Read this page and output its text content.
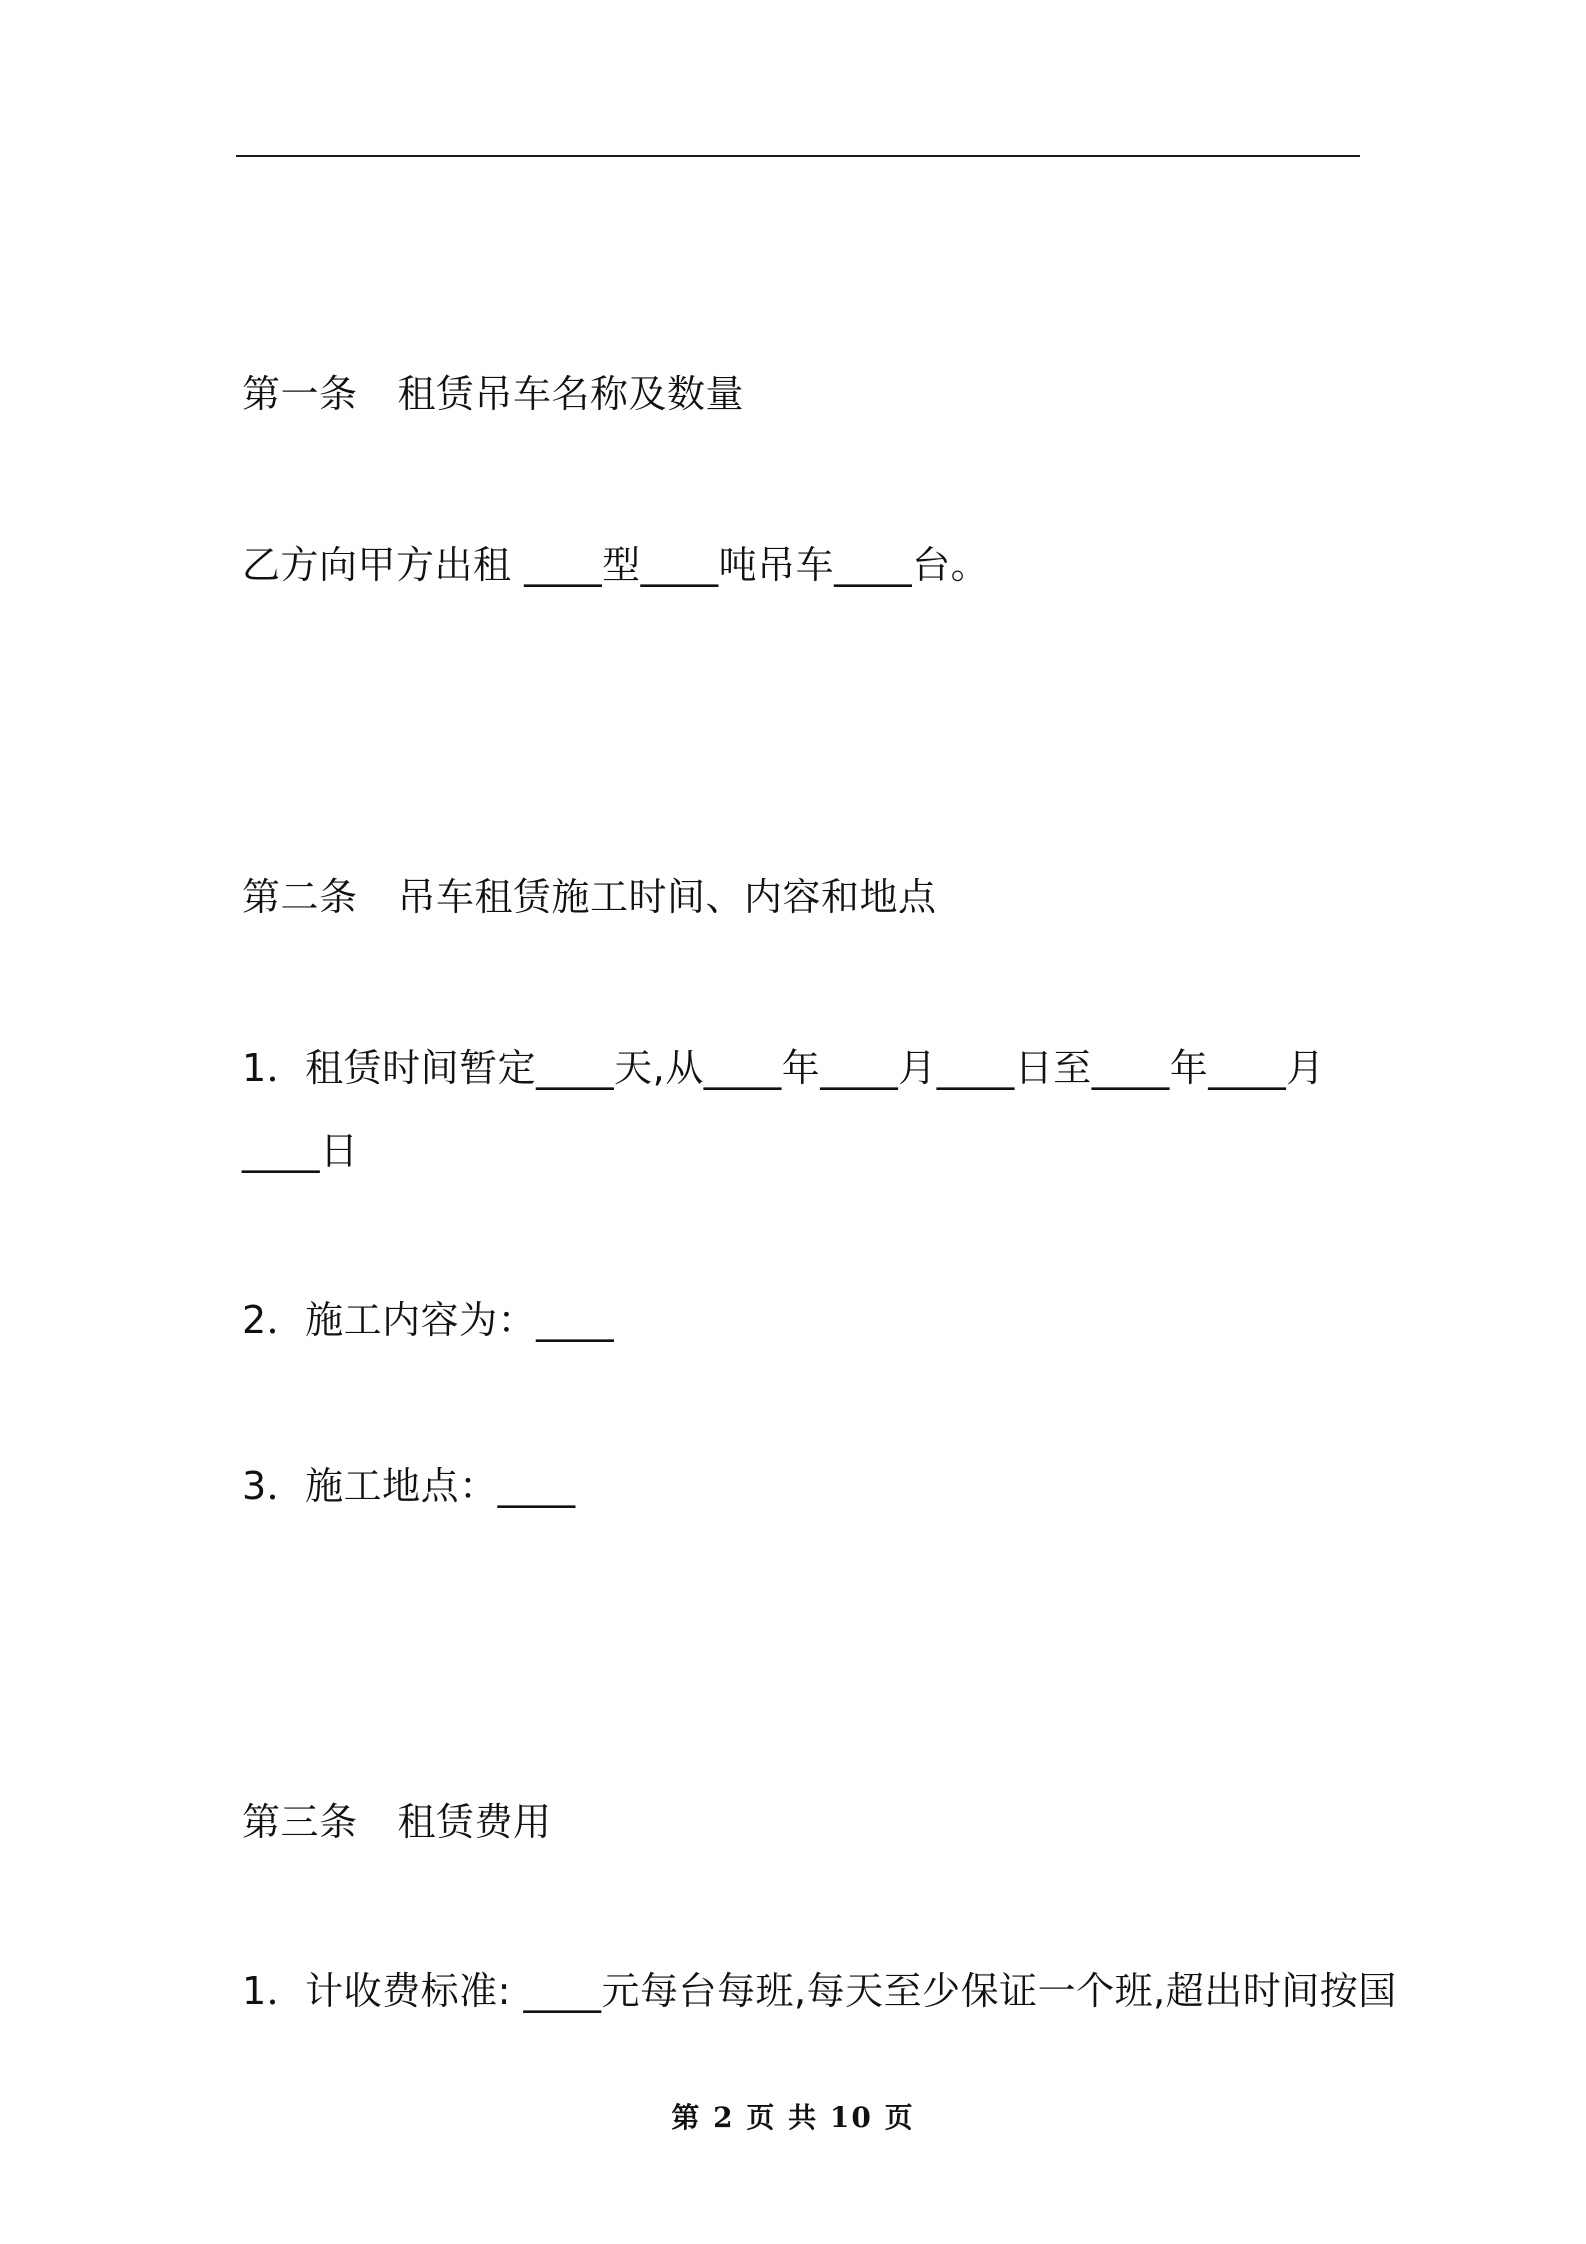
第一条 租赁吊车名称及数量
乙方向甲方出租 ____型____吨吊车____台。
第二条 吊车租赁施工时间、内容和地点
1．租赁时间暂定____天,从____年____月____日至____年____月
____日
2．施工内容为：____
3．施工地点：____
第三条 租赁费用
1．计收费标准: ____元每台每班,每天至少保证一个班,超出时间按国
第 2 页 共 10 页
